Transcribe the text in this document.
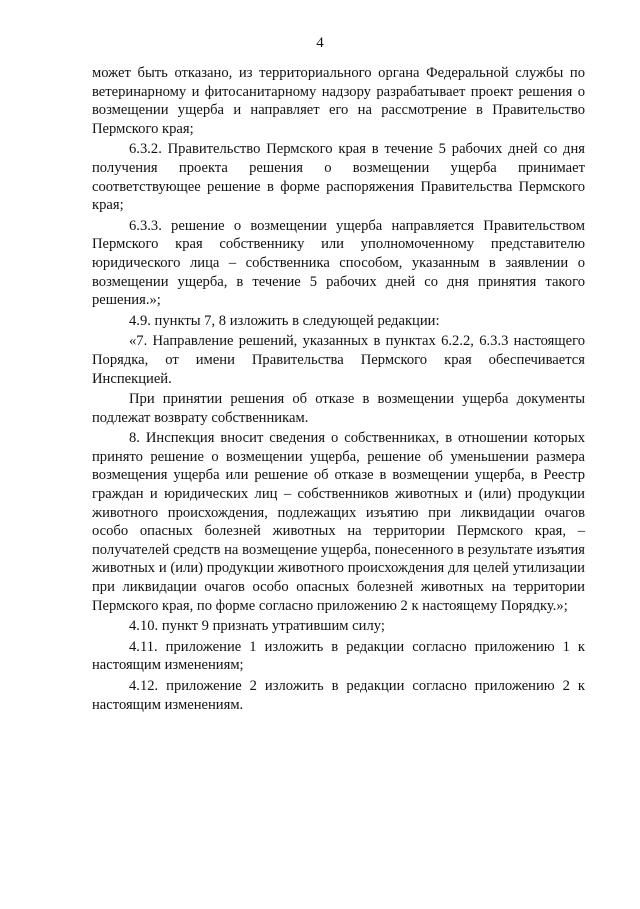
4

может быть отказано, из территориального органа Федеральной службы по ветеринарному и фитосанитарному надзору разрабатывает проект решения о возмещении ущерба и направляет его на рассмотрение в Правительство Пермского края;

6.3.2. Правительство Пермского края в течение 5 рабочих дней со дня получения проекта решения о возмещении ущерба принимает соответствующее решение в форме распоряжения Правительства Пермского края;

6.3.3. решение о возмещении ущерба направляется Правительством Пермского края собственнику или уполномоченному представителю юридического лица – собственника способом, указанным в заявлении о возмещении ущерба, в течение 5 рабочих дней со дня принятия такого решения.»;

4.9. пункты 7, 8 изложить в следующей редакции:

«7. Направление решений, указанных в пунктах 6.2.2, 6.3.3 настоящего Порядка, от имени Правительства Пермского края обеспечивается Инспекцией.

При принятии решения об отказе в возмещении ущерба документы подлежат возврату собственникам.

8. Инспекция вносит сведения о собственниках, в отношении которых принято решение о возмещении ущерба, решение об уменьшении размера возмещения ущерба или решение об отказе в возмещении ущерба, в Реестр граждан и юридических лиц – собственников животных и (или) продукции животного происхождения, подлежащих изъятию при ликвидации очагов особо опасных болезней животных на территории Пермского края, – получателей средств на возмещение ущерба, понесенного в результате изъятия животных и (или) продукции животного происхождения для целей утилизации при ликвидации очагов особо опасных болезней животных на территории Пермского края, по форме согласно приложению 2 к настоящему Порядку.»;

4.10. пункт 9 признать утратившим силу;

4.11. приложение 1 изложить в редакции согласно приложению 1 к настоящим изменениям;

4.12. приложение 2 изложить в редакции согласно приложению 2 к настоящим изменениям.
